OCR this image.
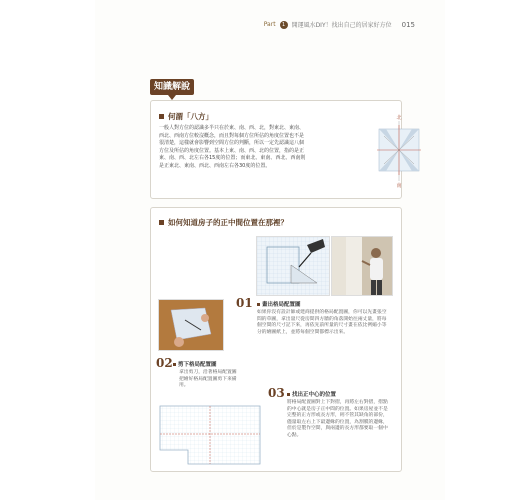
Part	1	開運風水DIY！找出自己的居家好方位 015
知識解說
何謂「八方」
一般人對方位的認識多半只在於東、南、西、北，對東北、東南、西北、西南方位較沒概念，而且對每個方位所佔的角度位置也不是很清楚，這樣就會影響到空間方位的判斷，所以一定先認識這八個方位及所佔的角度位置。基本上東、南、西、北的位置，指的是正東、南、西、北左右各15度的位置；而東北、東南、西北、西南則是正東北、東南、西北、西南左右各30度的位置。
北
南
如何知道房子的正中間位置在那裡？
01	畫出格局配置圖
如果你沒有設計師或建商提供的格局配置圖，你可以先畫張空間的草圖，拿出量尺從房間四方牆的角落開始往兩丈量，將每個空間的尺寸記下來，再依先前所量的尺寸畫在依比例縮小等分的繪圖紙上，並將每個空間都標示出來。
02 剪下格局配置圖
拿出剪刀，沿著格局配置圖把繪好格局配置圖剪下來備用。
03	找出正中心的位置
將格局配置圖對上下對摺，再將左右對摺，摺點的中心就是房子正中間的位置。如果房屋並不是完整的正方形或長方形，則不管其缺角的部份，儘量取左右上下最邊緣的位置，為割膜的邊緣，但於是製作空間，與兩邊的長方形都要取一個中心點。
